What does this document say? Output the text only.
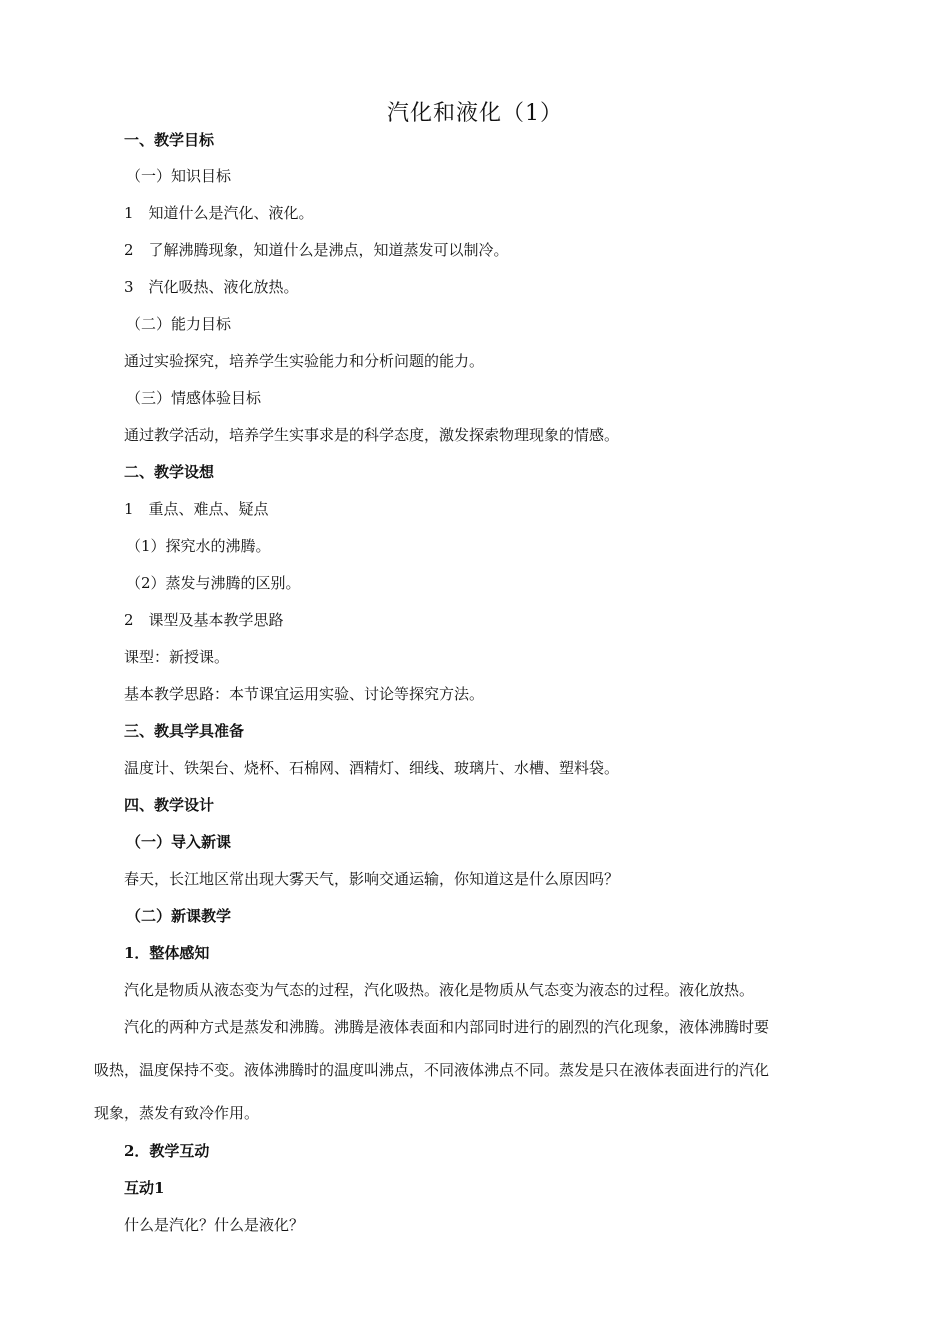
汽化和液化（1）
一、教学目标
（一）知识目标
1　知道什么是汽化、液化。
2　了解沸腾现象，知道什么是沸点，知道蒸发可以制冷。
3　汽化吸热、液化放热。
（二）能力目标
通过实验探究，培养学生实验能力和分析问题的能力。
（三）情感体验目标
通过教学活动，培养学生实事求是的科学态度，激发探索物理现象的情感。
二、教学设想
1　重点、难点、疑点
（1）探究水的沸腾。
（2）蒸发与沸腾的区别。
2　课型及基本教学思路
课型：新授课。
基本教学思路：本节课宜运用实验、讨论等探究方法。
三、教具学具准备
温度计、铁架台、烧杯、石棉网、酒精灯、细线、玻璃片、水槽、塑料袋。
四、教学设计
（一）导入新课
春天，长江地区常出现大雾天气，影响交通运输，你知道这是什么原因吗？
（二）新课教学
1．整体感知
汽化是物质从液态变为气态的过程，汽化吸热。液化是物质从气态变为液态的过程。液化放热。
汽化的两种方式是蒸发和沸腾。沸腾是液体表面和内部同时进行的剧烈的汽化现象，液体沸腾时要
吸热，温度保持不变。液体沸腾时的温度叫沸点，不同液体沸点不同。蒸发是只在液体表面进行的汽化
现象，蒸发有致冷作用。
2．教学互动
互动1
什么是汽化？什么是液化？
